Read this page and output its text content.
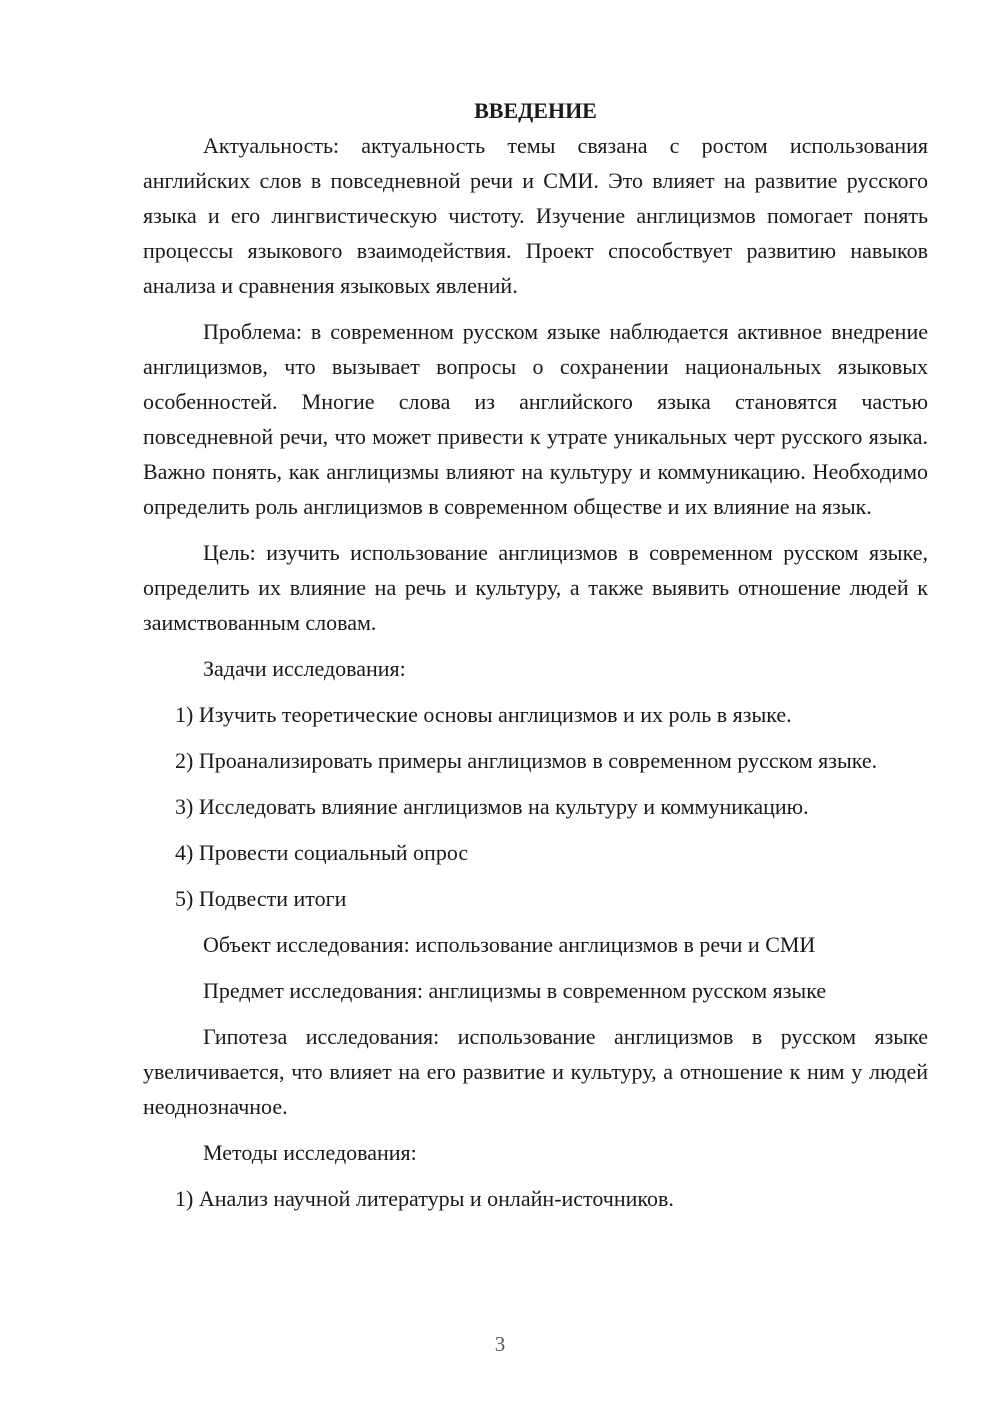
ВВЕДЕНИЕ

Актуальность: актуальность темы связана с ростом использования английских слов в повседневной речи и СМИ. Это влияет на развитие русского языка и его лингвистическую чистоту. Изучение англицизмов помогает понять процессы языкового взаимодействия. Проект способствует развитию навыков анализа и сравнения языковых явлений.

Проблема: в современном русском языке наблюдается активное внедрение англицизмов, что вызывает вопросы о сохранении национальных языковых особенностей. Многие слова из английского языка становятся частью повседневной речи, что может привести к утрате уникальных черт русского языка. Важно понять, как англицизмы влияют на культуру и коммуникацию. Необходимо определить роль англицизмов в современном обществе и их влияние на язык.

Цель: изучить использование англицизмов в современном русском языке, определить их влияние на речь и культуру, а также выявить отношение людей к заимствованным словам.

Задачи исследования:

1) Изучить теоретические основы англицизмов и их роль в языке.

2) Проанализировать примеры англицизмов в современном русском языке.

3) Исследовать влияние англицизмов на культуру и коммуникацию.

4) Провести социальный опрос

5) Подвести итоги

Объект исследования: использование англицизмов в речи и СМИ

Предмет исследования: англицизмы в современном русском языке

Гипотеза исследования: использование англицизмов в русском языке увеличивается, что влияет на его развитие и культуру, а отношение к ним у людей неоднозначное.

Методы исследования:

1) Анализ научной литературы и онлайн-источников.

3
